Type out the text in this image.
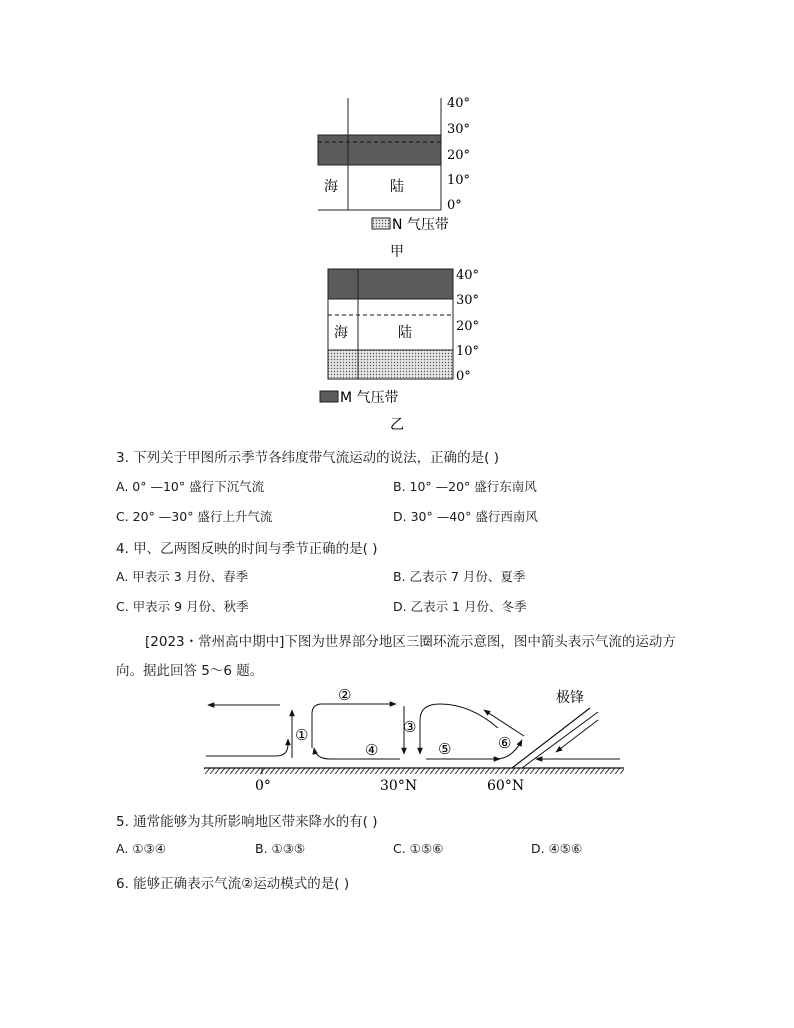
海	陆
40°
30°
20°
10°
0°
N 气压带
甲
海	陆
40°
30°
20°
10°
0°
M 气压带
乙
3. 下列关于甲图所示季节各纬度带气流运动的说法，正确的是( )
A. 0° —10° 盛行下沉气流	B. 10° —20° 盛行东南风
C. 20° —30° 盛行上升气流	D. 30° —40° 盛行西南风
4. 甲、乙两图反映的时间与季节正确的是( )
A. 甲表示 3 月份、春季	B. 乙表示 7 月份、夏季
C. 甲表示 9 月份、秋季	D. 乙表示 1 月份、冬季
[2023・常州高中期中]下图为世界部分地区三圈环流示意图，图中箭头表示气流的运动方
向。据此回答 5～6 题。
①
②
④
③
⑤	⑥
极锋
0°	30°N	60°N
5. 通常能够为其所影响地区带来降水的有( )
A. ①③④	B. ①③⑤	C. ①⑤⑥	D. ④⑤⑥
6. 能够正确表示气流②运动模式的是( )
